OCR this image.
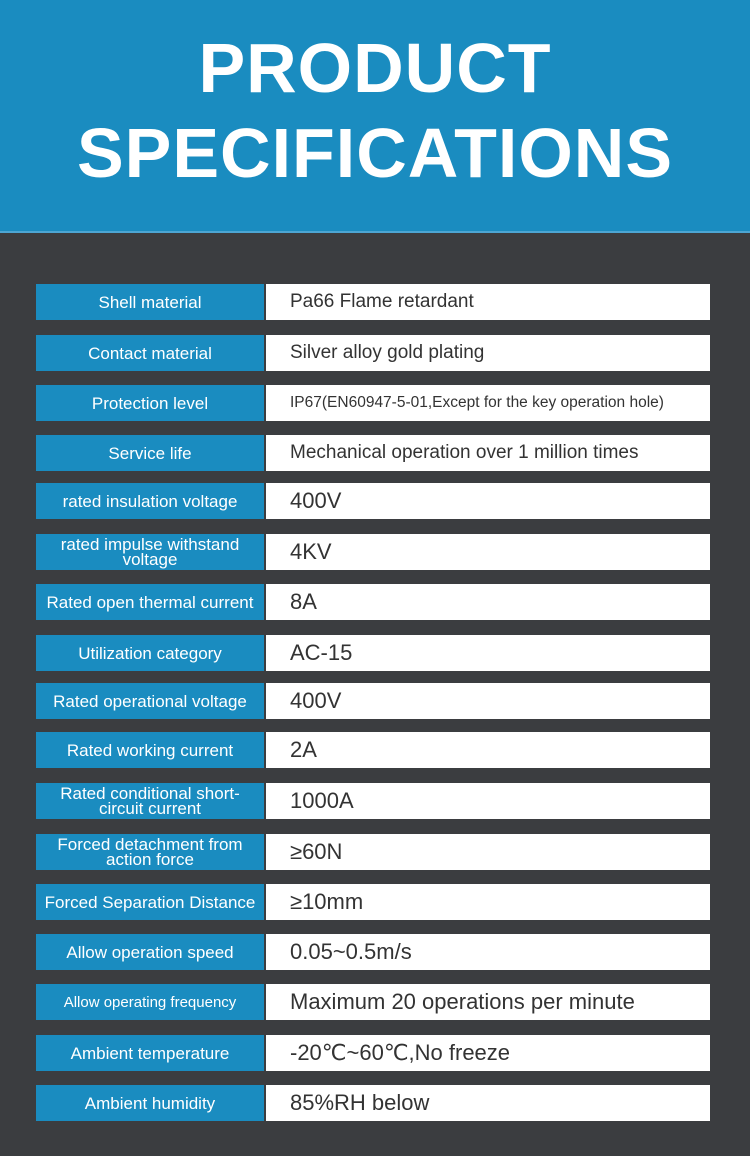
PRODUCT
SPECIFICATIONS
Shell material	Pa66 Flame retardant
Contact material	Silver alloy gold plating
Protection level	IP67(EN60947-5-01,Except for the key operation hole)
Service life	Mechanical operation over 1 million times
rated insulation voltage	400V
rated impulse withstand voltage	4KV
Rated open thermal current	8A
Utilization category	AC-15
Rated operational voltage	400V
Rated working current	2A
Rated conditional short-circuit current	1000A
Forced detachment from action force	≥60N
Forced Separation Distance	≥10mm
Allow operation speed	0.05~0.5m/s
Allow operating frequency	Maximum 20 operations per minute
Ambient temperature	-20℃~60℃,No freeze
Ambient humidity	85%RH below
